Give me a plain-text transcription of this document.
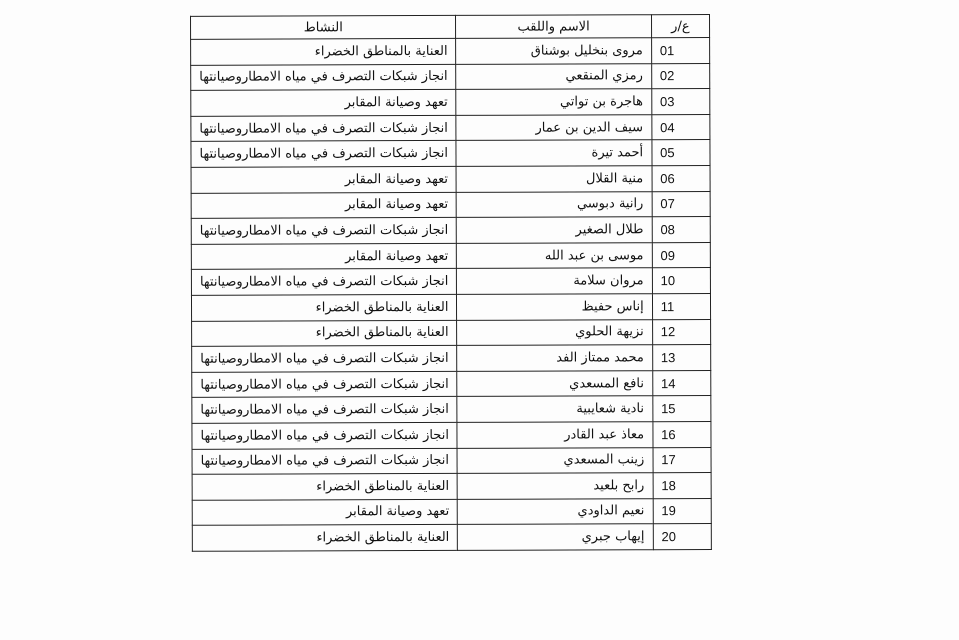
ع/ر	الاسم واللقب	النشاط
01	مروى بنخليل بوشناق	العناية بالمناطق الخضراء
02	رمزي المنقعي	انجاز شبكات التصرف في مياه الامطاروصيانتها
03	هاجرة بن تواتي	تعهد وصيانة المقابر
04	سيف الدين بن عمار	انجاز شبكات التصرف في مياه الامطاروصيانتها
05	أحمد تيرة	انجاز شبكات التصرف في مياه الامطاروصيانتها
06	منية القلال	تعهد وصيانة المقابر
07	رانية دبوسي	تعهد وصيانة المقابر
08	طلال الصغير	انجاز شبكات التصرف في مياه الامطاروصيانتها
09	موسى بن عبد الله	تعهد وصيانة المقابر
10	مروان سلامة	انجاز شبكات التصرف في مياه الامطاروصيانتها
11	إناس حفيظ	العناية بالمناطق الخضراء
12	نزيهة الحلوي	العناية بالمناطق الخضراء
13	محمد ممتاز الفد	انجاز شبكات التصرف في مياه الامطاروصيانتها
14	نافع المسعدي	انجاز شبكات التصرف في مياه الامطاروصيانتها
15	نادية شعايبية	انجاز شبكات التصرف في مياه الامطاروصيانتها
16	معاذ عبد القادر	انجاز شبكات التصرف في مياه الامطاروصيانتها
17	زينب المسعدي	انجاز شبكات التصرف في مياه الامطاروصيانتها
18	رابح بلعيد	العناية بالمناطق الخضراء
19	نعيم الداودي	تعهد وصيانة المقابر
20	إيهاب جبري	العناية بالمناطق الخضراء
